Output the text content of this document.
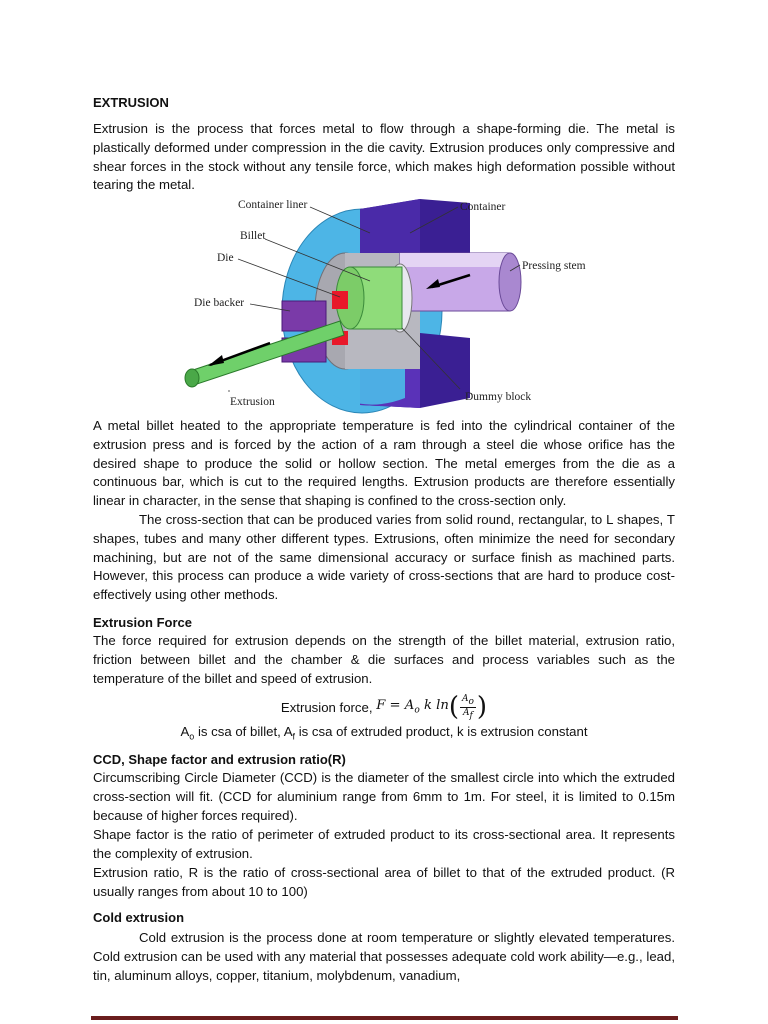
EXTRUSION

Extrusion is the process that forces metal to flow through a shape-forming die. The metal is plastically deformed under compression in the die cavity. Extrusion produces only compressive and shear forces in the stock without any tensile force, which makes high deformation possible without tearing the metal.

Container liner	Container
Billet
Die
Pressing stem
Die backer
Extrusion	Dummy block

A metal billet heated to the appropriate temperature is fed into the cylindrical container of the extrusion press and is forced by the action of a ram through a steel die whose orifice has the desired shape to produce the solid or hollow section. The metal emerges from the die as a continuous bar, which is cut to the required lengths. Extrusion products are therefore essentially linear in character, in the sense that shaping is confined to the cross-section only.

The cross-section that can be produced varies from solid round, rectangular, to L shapes, T shapes, tubes and many other different types. Extrusions, often minimize the need for secondary machining, but are not of the same dimensional accuracy or surface finish as machined parts. However, this process can produce a wide variety of cross-sections that are hard to produce cost-effectively using other methods.

Extrusion Force

The force required for extrusion depends on the strength of the billet material, extrusion ratio, friction between billet and the chamber & die surfaces and process variables such as the temperature of the billet and speed of extrusion.

Extrusion force,
$F = A_o$ k ln ( $\frac{A_o}{A_f}$ )

$A_o$ is csa of billet, $A_f$ is csa of extruded product, k is extrusion constant

CCD, Shape factor and extrusion ratio(R)

Circumscribing Circle Diameter (CCD) is the diameter of the smallest circle into which the extruded cross-section will fit. (CCD for aluminium range from 6mm to 1m. For steel, it is limited to 0.15m because of higher forces required).

Shape factor is the ratio of perimeter of extruded product to its cross-sectional area. It represents the complexity of extrusion.

Extrusion ratio, R is the ratio of cross-sectional area of billet to that of the extruded product. (R usually ranges from about 10 to 100)

Cold extrusion

Cold extrusion is the process done at room temperature or slightly elevated temperatures. Cold extrusion can be used with any material that possesses adequate cold work ability—e.g., lead, tin, aluminum alloys, copper, titanium, molybdenum, vanadium,
